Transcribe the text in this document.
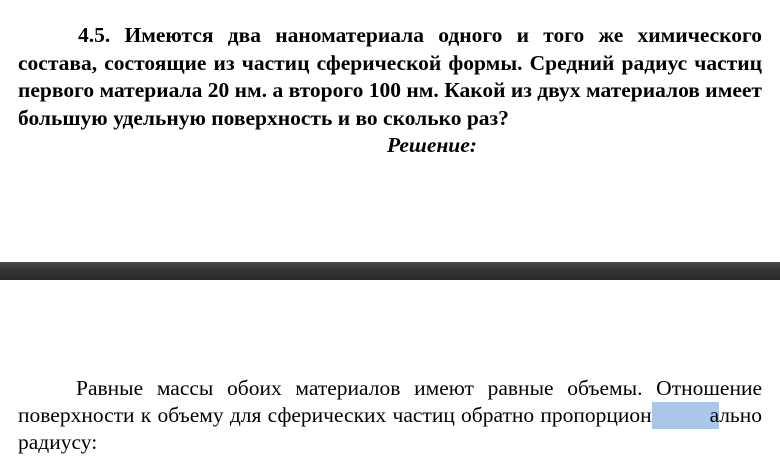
4.5. Имеются два наноматериала одного и того же химического состава, состоящие из частиц сферической формы. Средний радиус частиц первого материала 20 нм. а второго 100 нм. Какой из двух материалов имеет большую удельную поверхность и во сколько раз?

Решение:

Равные массы обоих материалов имеют равные объемы. Отношение поверхности к объему для сферических частиц обратно пропорцион	ально радиусу:
